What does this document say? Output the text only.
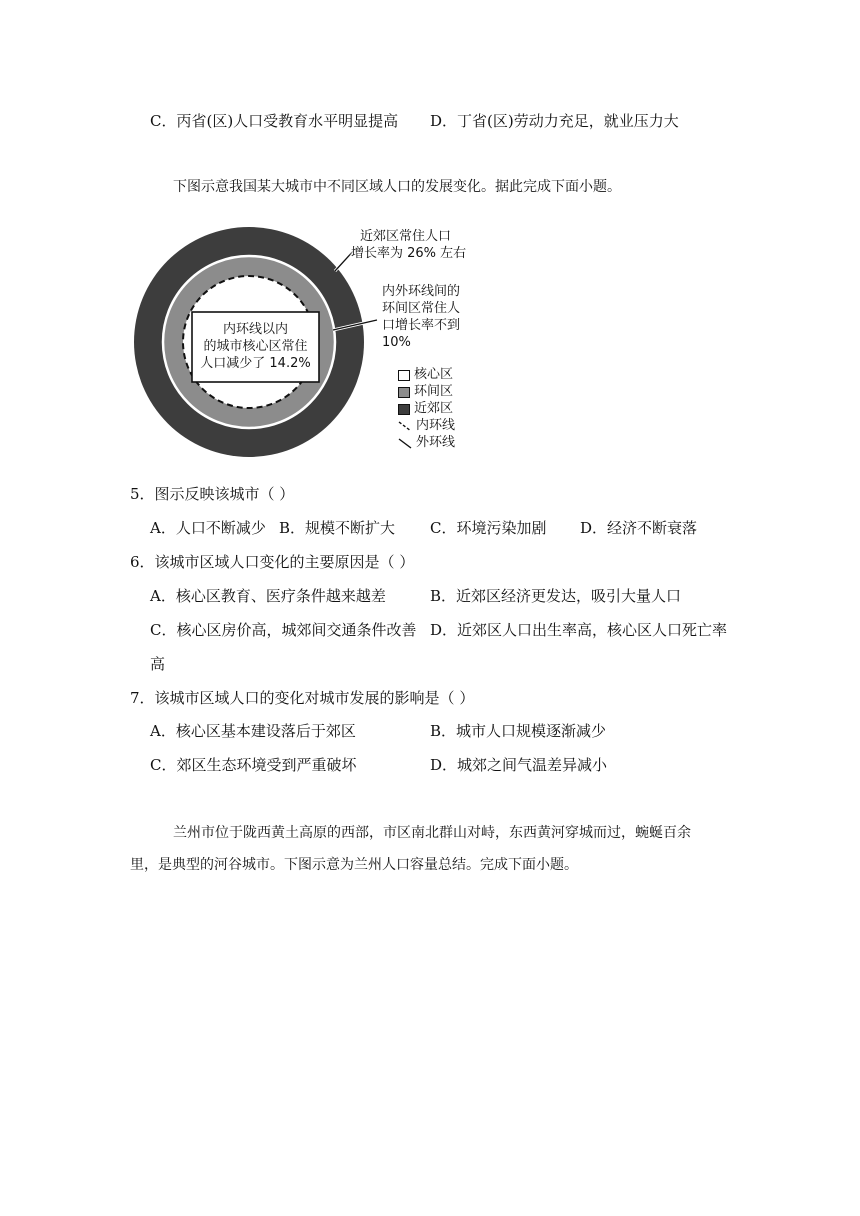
C．丙省(区)人口受教育水平明显提高 D．丁省(区)劳动力充足，就业压力大
下图示意我国某大城市中不同区域人口的发展变化。据此完成下面小题。
近郊区常住人口
增长率为 26% 左右
内外环线间的
环间区常住人
口增长率不到
10%
内环线以内
的城市核心区常住
人口减少了 14.2%
核心区
环间区
近郊区
内环线
外环线
5．图示反映该城市（ ）
A．人口不断减少 B．规模不断扩大 C．环境污染加剧 D．经济不断衰落
6．该城市区域人口变化的主要原因是（ ）
A．核心区教育、医疗条件越来越差	B．近郊区经济更发达，吸引大量人口
C．核心区房价高，城郊间交通条件改善 D．近郊区人口出生率高，核心区人口死亡率
高
7．该城市区域人口的变化对城市发展的影响是（ ）
A．核心区基本建设落后于郊区	B．城市人口规模逐渐减少
C．郊区生态环境受到严重破坏	D．城郊之间气温差异减小
兰州市位于陇西黄土高原的西部，市区南北群山对峙，东西黄河穿城而过，蜿蜒百余
里，是典型的河谷城市。下图示意为兰州人口容量总结。完成下面小题。
